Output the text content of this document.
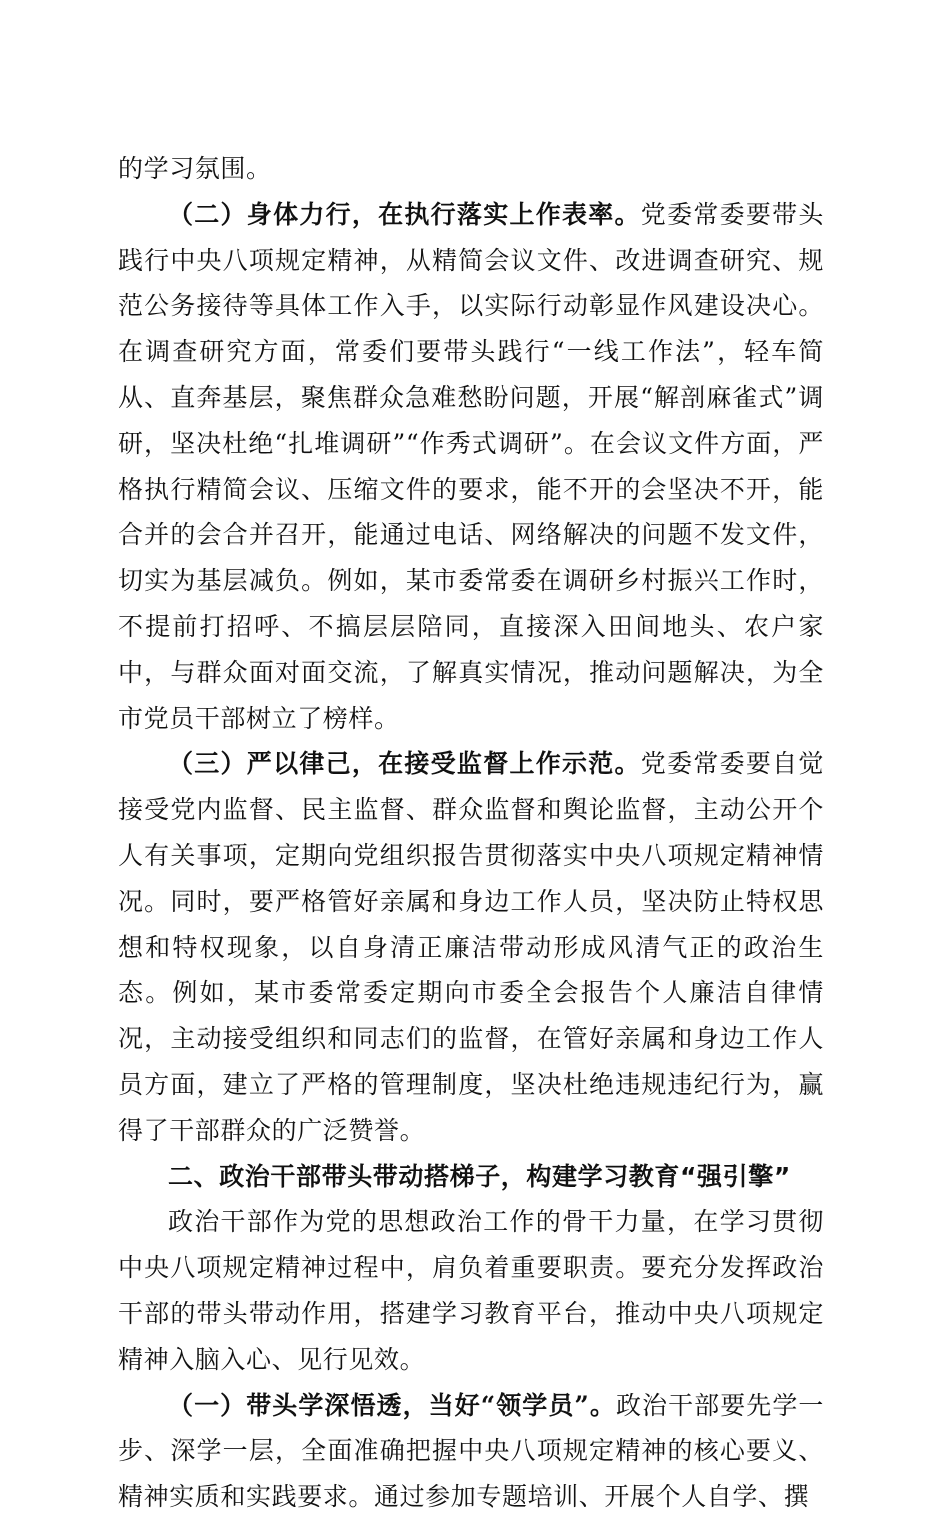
的学习氛围。

（二）身体力行，在执行落实上作表率。党委常委要带头践行中央八项规定精神，从精简会议文件、改进调查研究、规范公务接待等具体工作入手，以实际行动彰显作风建设决心。在调查研究方面，常委们要带头践行“一线工作法”，轻车简从、直奔基层，聚焦群众急难愁盼问题，开展“解剖麻雀式”调研，坚决杜绝“扎堆调研”“作秀式调研”。在会议文件方面，严格执行精简会议、压缩文件的要求，能不开的会坚决不开，能合并的会合并召开，能通过电话、网络解决的问题不发文件，切实为基层减负。例如，某市委常委在调研乡村振兴工作时，不提前打招呼、不搞层层陪同，直接深入田间地头、农户家中，与群众面对面交流，了解真实情况，推动问题解决，为全市党员干部树立了榜样。

（三）严以律己，在接受监督上作示范。党委常委要自觉接受党内监督、民主监督、群众监督和舆论监督，主动公开个人有关事项，定期向党组织报告贯彻落实中央八项规定精神情况。同时，要严格管好亲属和身边工作人员，坚决防止特权思想和特权现象，以自身清正廉洁带动形成风清气正的政治生态。例如，某市委常委定期向市委全会报告个人廉洁自律情况，主动接受组织和同志们的监督，在管好亲属和身边工作人员方面，建立了严格的管理制度，坚决杜绝违规违纪行为，赢得了干部群众的广泛赞誉。

二、政治干部带头带动搭梯子，构建学习教育“强引擎”

政治干部作为党的思想政治工作的骨干力量，在学习贯彻中央八项规定精神过程中，肩负着重要职责。要充分发挥政治干部的带头带动作用，搭建学习教育平台，推动中央八项规定精神入脑入心、见行见效。

（一）带头学深悟透，当好“领学员”。政治干部要先学一步、深学一层，全面准确把握中央八项规定精神的核心要义、精神实质和实践要求。通过参加专题培训、开展个人自学、撰
